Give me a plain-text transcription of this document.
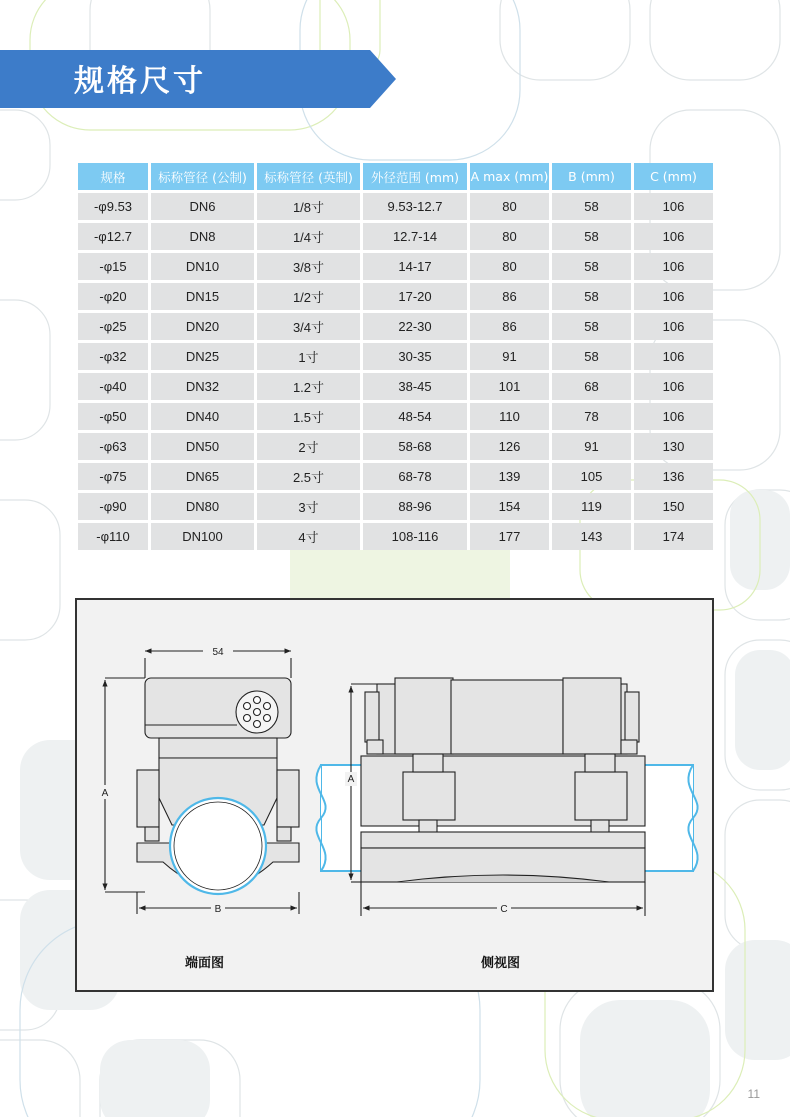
规格尺寸
规格	标称管径 (公制)	标称管径 (英制)	外径范围 (mm)	A max (mm)	B (mm)	C (mm)
-φ9.53	DN6	1/8寸	9.53-12.7	80	58	106
-φ12.7	DN8	1/4寸	12.7-14	80	58	106
-φ15	DN10	3/8寸	14-17	80	58	106
-φ20	DN15	1/2寸	17-20	86	58	106
-φ25	DN20	3/4寸	22-30	86	58	106
-φ32	DN25	1寸	30-35	91	58	106
-φ40	DN32	1.2寸	38-45	101	68	106
-φ50	DN40	1.5寸	48-54	110	78	106
-φ63	DN50	2寸	58-68	126	91	130
-φ75	DN65	2.5寸	68-78	139	105	136
-φ90	DN80	3寸	88-96	154	119	150
-φ110	DN100	4寸	108-116	177	143	174
54
A
B
A
C
端面图	侧视图
11
